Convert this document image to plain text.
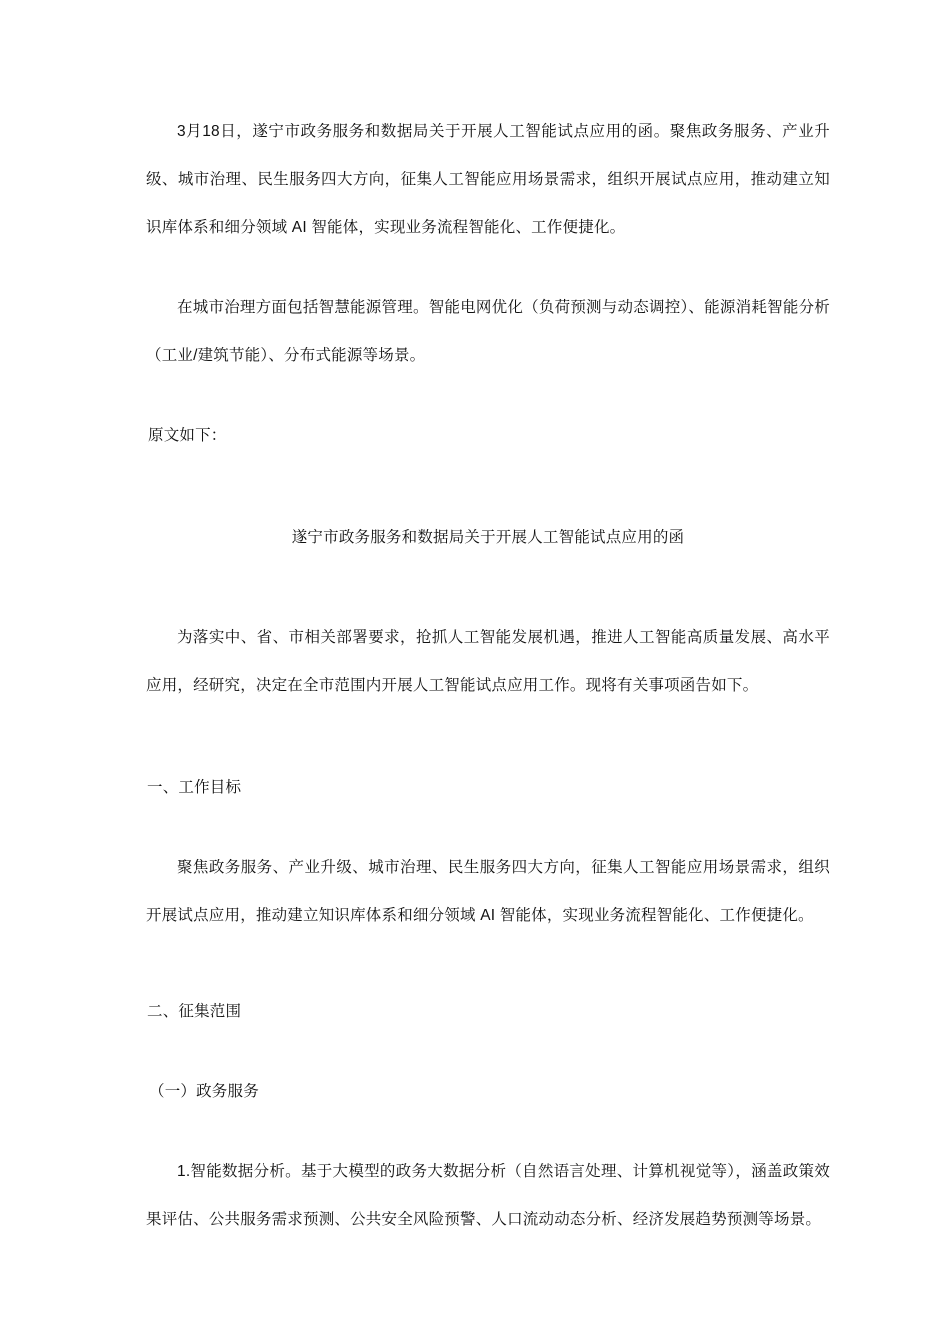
3月18日，遂宁市政务服务和数据局关于开展人工智能试点应用的函。聚焦政务服务、产业升级、城市治理、民生服务四大方向，征集人工智能应用场景需求，组织开展试点应用，推动建立知识库体系和细分领域 AI 智能体，实现业务流程智能化、工作便捷化。

在城市治理方面包括智慧能源管理。智能电网优化（负荷预测与动态调控）、能源消耗智能分析（工业/建筑节能）、分布式能源等场景。

原文如下：

遂宁市政务服务和数据局关于开展人工智能试点应用的函

为落实中、省、市相关部署要求，抢抓人工智能发展机遇，推进人工智能高质量发展、高水平应用，经研究，决定在全市范围内开展人工智能试点应用工作。现将有关事项函告如下。

一、工作目标

聚焦政务服务、产业升级、城市治理、民生服务四大方向，征集人工智能应用场景需求，组织开展试点应用，推动建立知识库体系和细分领域 AI 智能体，实现业务流程智能化、工作便捷化。

二、征集范围

（一）政务服务

1.智能数据分析。基于大模型的政务大数据分析（自然语言处理、计算机视觉等），涵盖政策效果评估、公共服务需求预测、公共安全风险预警、人口流动动态分析、经济发展趋势预测等场景。
